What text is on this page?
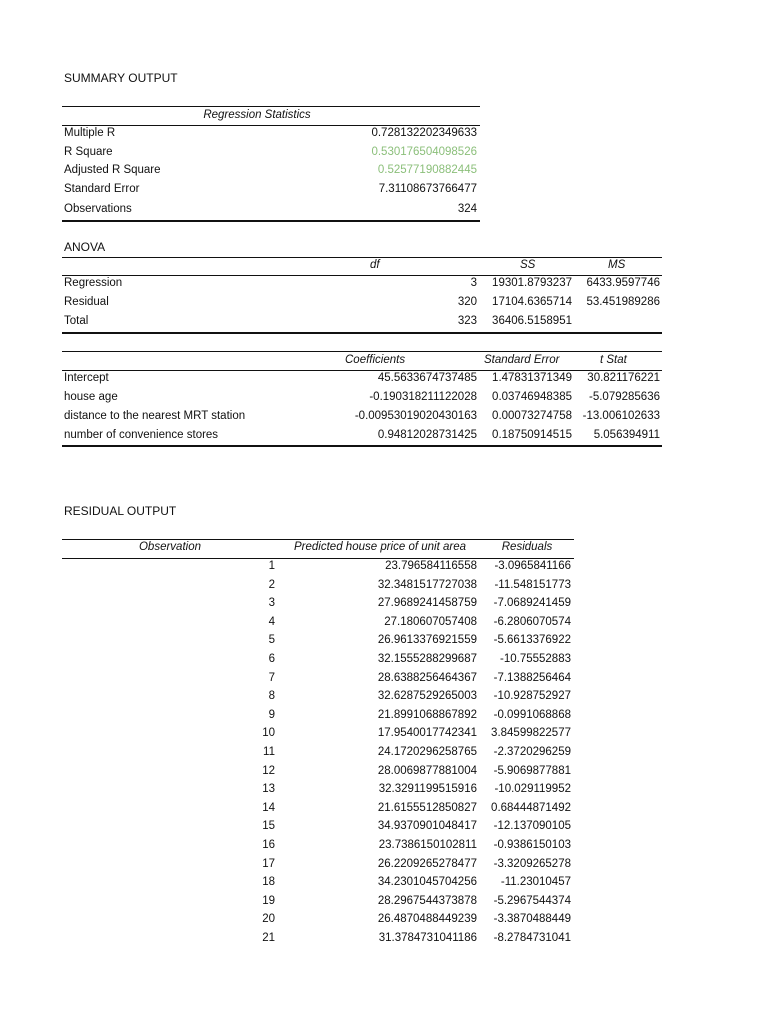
SUMMARY OUTPUT
Regression Statistics
Multiple R	0.728132202349633
R Square	0.530176504098526
Adjusted R Square	0.52577190882445
Standard Error	7.31108673766477
Observations	324
ANOVA
df	SS	MS
Regression	3	19301.8793237	6433.9597746
Residual	320	17104.6365714	53.451989286
Total	323	36406.5158951
Coefficients	Standard Error	t Stat
Intercept	45.5633674737485	1.47831371349	30.821176221
house age	-0.190318211122028	0.03746948385	-5.079285636
distance to the nearest MRT station	-0.00953019020430163	0.00073274758 -13.006102633
number of convenience stores	0.94812028731425	0.18750914515	5.056394911
RESIDUAL OUTPUT
Observation	Predicted house price of unit area	Residuals
1	23.796584116558	-3.0965841166
2	32.3481517727038	-11.548151773
3	27.9689241458759	-7.0689241459
4	27.180607057408	-6.2806070574
5	26.9613376921559	-5.6613376922
6	32.1555288299687	-10.75552883
7	28.6388256464367	-7.1388256464
8	32.6287529265003	-10.928752927
9	21.8991068867892	-0.0991068868
10	17.9540017742341	3.84599822577
11	24.1720296258765	-2.3720296259
12	28.0069877881004	-5.9069877881
13	32.3291199515916	-10.029119952
14	21.6155512850827	0.68444871492
15	34.9370901048417	-12.137090105
16	23.7386150102811	-0.9386150103
17	26.2209265278477	-3.3209265278
18	34.2301045704256	-11.23010457
19	28.2967544373878	-5.2967544374
20	26.4870488449239	-3.3870488449
21	31.3784731041186	-8.2784731041
